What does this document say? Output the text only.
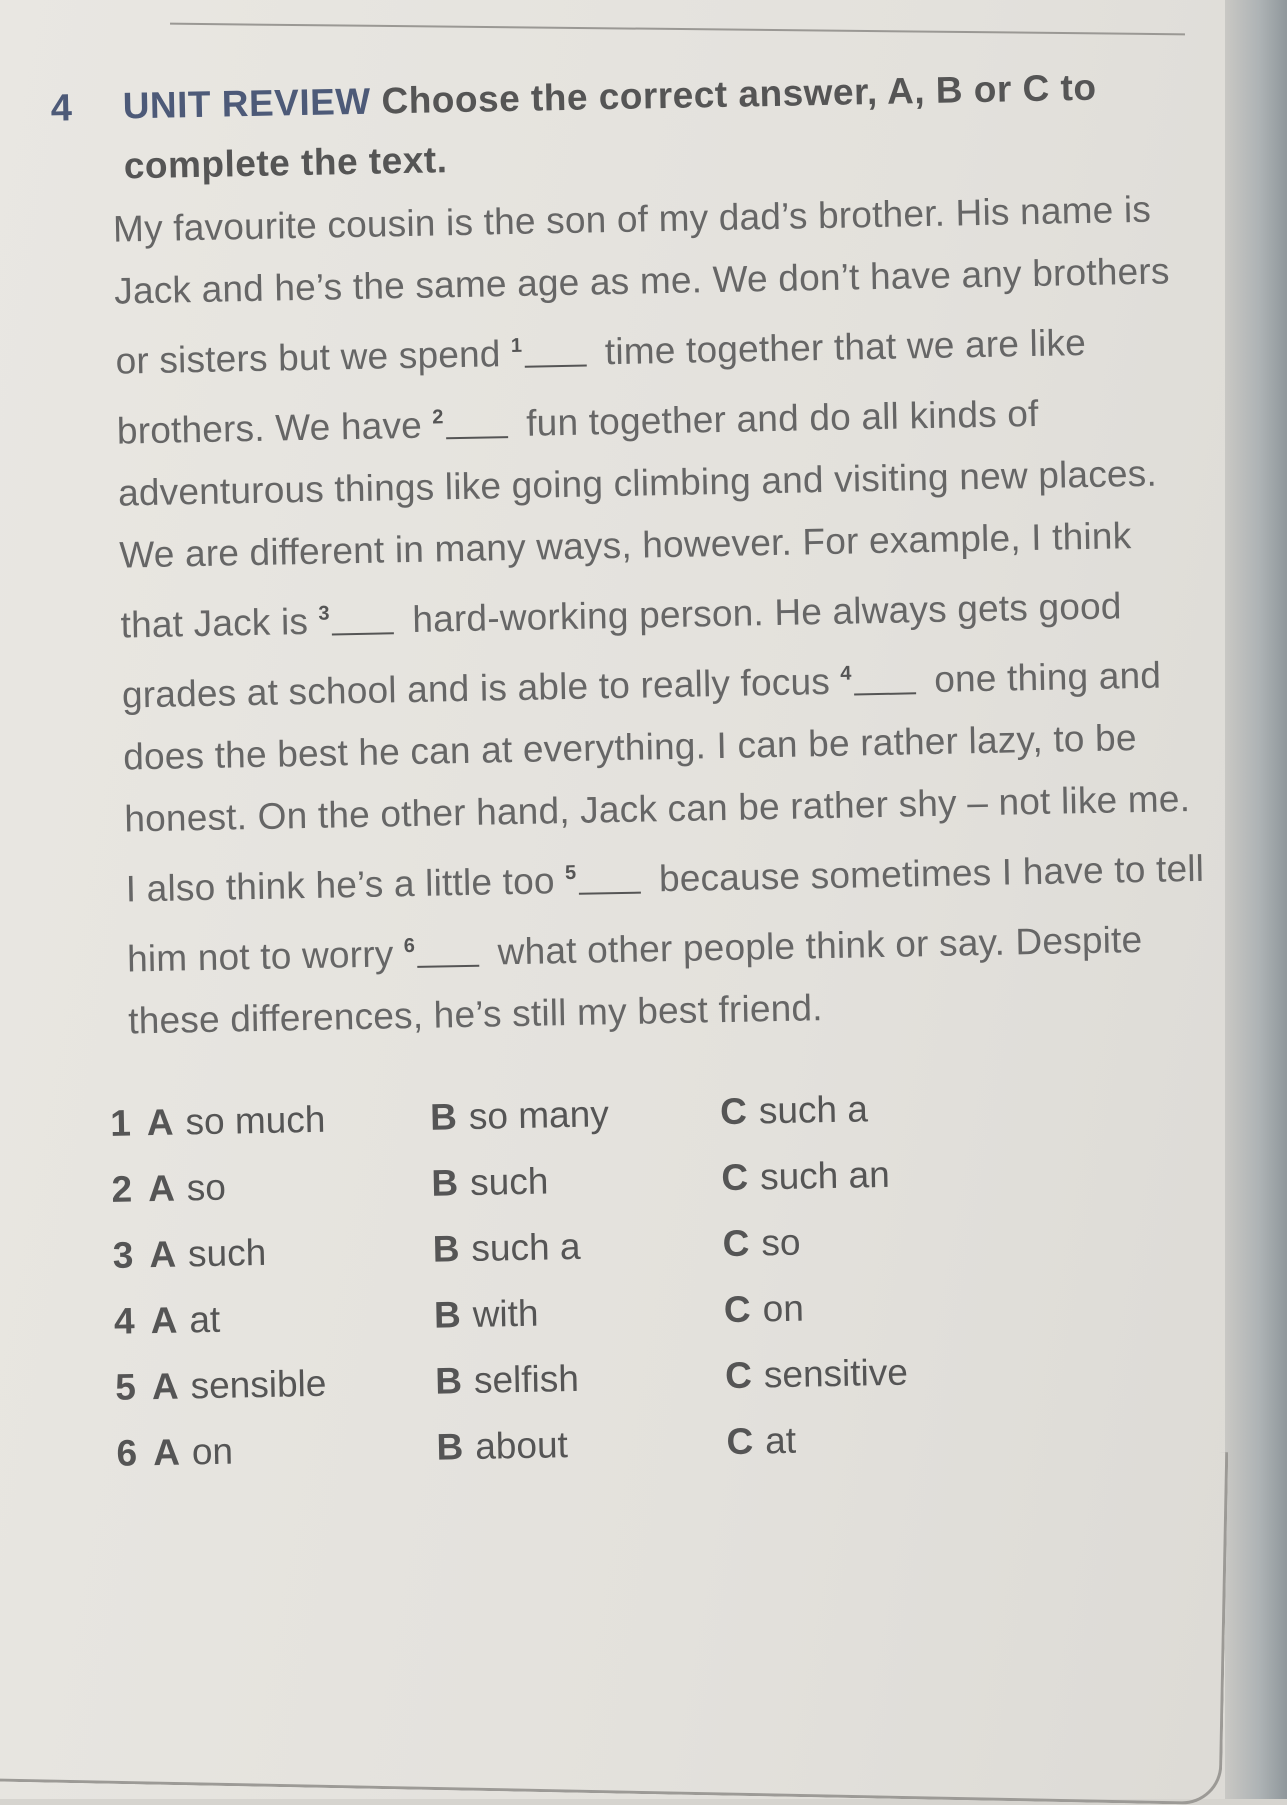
4 UNIT REVIEW Choose the correct answer, A, B or C to complete the text.
My favourite cousin is the son of my dad’s brother. His name is Jack and he’s the same age as me. We don’t have any brothers or sisters but we spend $^1$ time together that we are like brothers. We have $^2$ fun together and do all kinds of adventurous things like going climbing and visiting new places. We are different in many ways, however. For example, I think that Jack is $^3$ hard-working person. He always gets good grades at school and is able to really focus $^4$ one thing and does the best he can at everything. I can be rather lazy, to be honest. On the other hand, Jack can be rather shy – not like me. I also think he’s a little too $^5$ because sometimes I have to tell him not to worry $^6$ what other people think or say. Despite these differences, he’s still my best friend.
1 A so much	B so many	C such a
2 A so	B such	C such an
3 A such	B such a	C so
4 A at	B with	C on
5 A sensible	B selfish	C sensitive
6 A on	B about	C at
